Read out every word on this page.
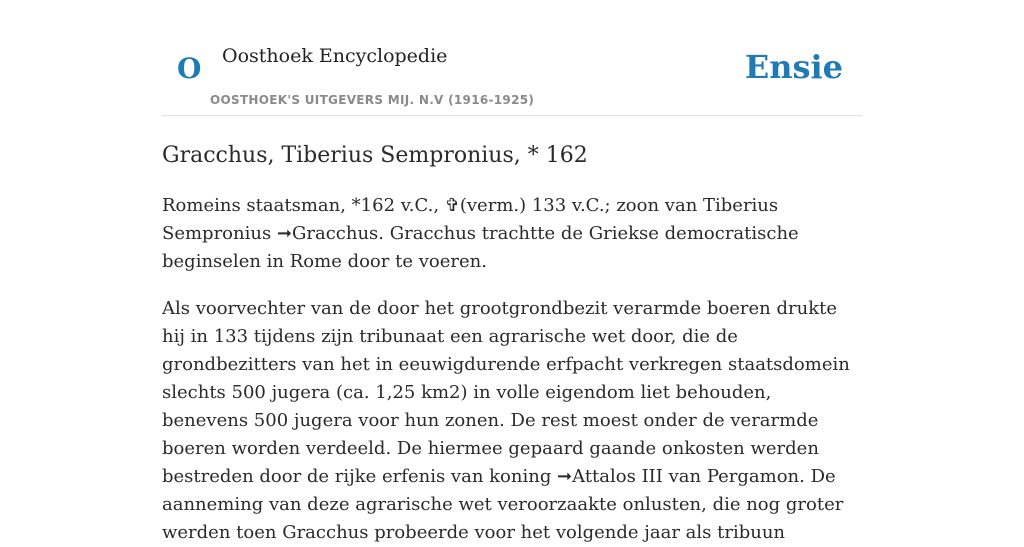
O Oosthoek Encyclopedie
OOSTHOEK'S UITGEVERS MIJ. N.V (1916-1925)
Ensie
Gracchus, Tiberius Sempronius, * 162

Romeins staatsman, *162 v.C., ✞(verm.) 133 v.C.; zoon van Tiberius Sempronius ➞Gracchus. Gracchus trachtte de Griekse democratische beginselen in Rome door te voeren.

Als voorvechter van de door het grootgrondbezit verarmde boeren drukte hij in 133 tijdens zijn tribunaat een agrarische wet door, die de grondbezitters van het in eeuwigdurende erfpacht verkregen staatsdomein slechts 500 jugera (ca. 1,25 km2) in volle eigendom liet behouden, benevens 500 jugera voor hun zonen. De rest moest onder de verarmde boeren worden verdeeld. De hiermee gepaard gaande onkosten werden bestreden door de rijke erfenis van koning ➞Attalos III van Pergamon. De aanneming van deze agrarische wet veroorzaakte onlusten, die nog groter werden toen Gracchus probeerde voor het volgende jaar als tribuun
